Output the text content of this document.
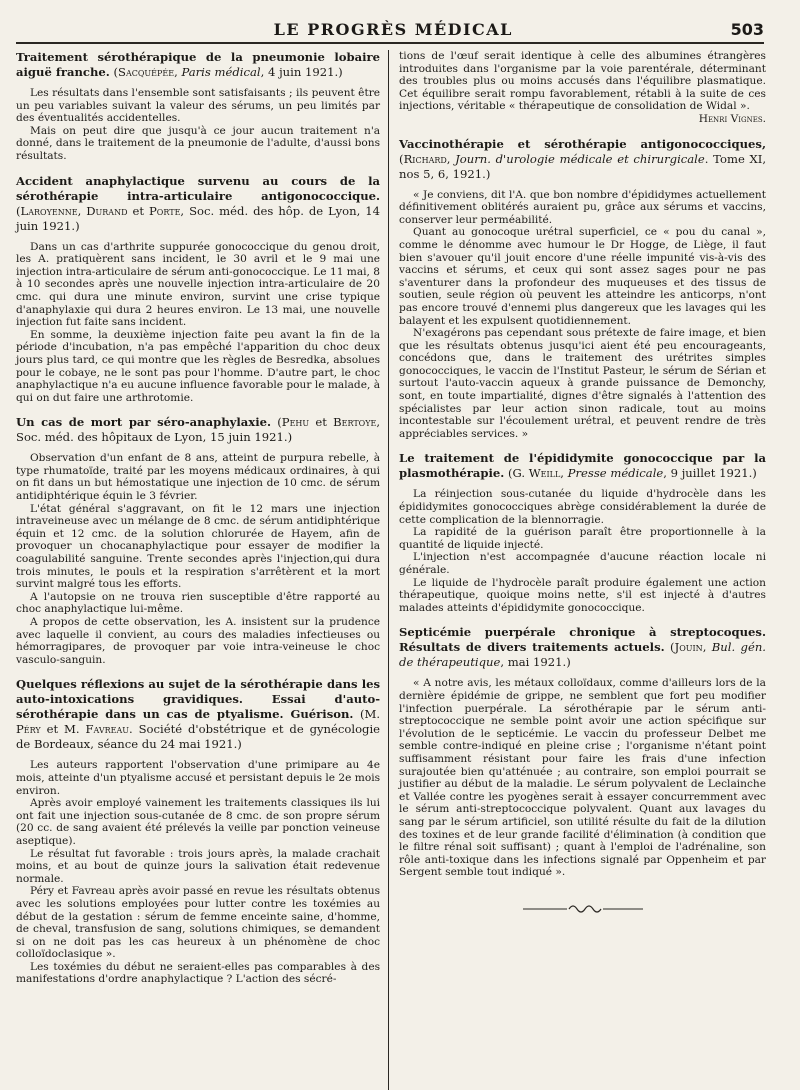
LE PROGRÈS MÉDICAL	503
Traitement sérothérapique de la pneumonie lobaire aiguë franche. (Sacquépée, Paris médical, 4 juin 1921.)

Les résultats dans l'ensemble sont satisfaisants ; ils peuvent être un peu variables suivant la valeur des sérums, un peu limités par des éventualités accidentelles.

Mais on peut dire que jusqu'à ce jour aucun traitement n'a donné, dans le traitement de la pneumonie de l'adulte, d'aussi bons résultats.

Accident anaphylactique survenu au cours de la sérothérapie intra-articulaire antigonococcique. (Laroyenne, Durand et Porte, Soc. méd. des hôp. de Lyon, 14 juin 1921.)

Dans un cas d'arthrite suppurée gonococcique du genou droit, les A. pratiquèrent sans incident, le 30 avril et le 9 mai une injection intra-articulaire de sérum anti-gonococcique. Le 11 mai, 8 à 10 secondes après une nouvelle injection intra-articulaire de 20 cmc. qui dura une minute environ, survint une crise typique d'anaphylaxie qui dura 2 heures environ. Le 13 mai, une nouvelle injection fut faite sans incident.

En somme, la deuxième injection faite peu avant la fin de la période d'incubation, n'a pas empêché l'apparition du choc deux jours plus tard, ce qui montre que les règles de Besredka, absolues pour le cobaye, ne le sont pas pour l'homme. D'autre part, le choc anaphylactique n'a eu aucune influence favorable pour le malade, à qui on dut faire une arthrotomie.

Un cas de mort par séro-anaphylaxie. (Pehu et Bertoye, Soc. méd. des hôpitaux de Lyon, 15 juin 1921.)

Observation d'un enfant de 8 ans, atteint de purpura rebelle, à type rhumatoïde, traité par les moyens médicaux ordinaires, à qui on fit dans un but hémostatique une injection de 10 cmc. de sérum antidiphtérique équin le 3 février.

L'état général s'aggravant, on fit le 12 mars une injection intraveineuse avec un mélange de 8 cmc. de sérum antidiphtérique équin et 12 cmc. de la solution chlorurée de Hayem, afin de provoquer un chocanaphylactique pour essayer de modifier la coagulabilité sanguine. Trente secondes après l'injection,qui dura trois minutes, le pouls et la respiration s'arrêtèrent et la mort survint malgré tous les efforts.

A l'autopsie on ne trouva rien susceptible d'être rapporté au choc anaphylactique lui-même.

A propos de cette observation, les A. insistent sur la prudence avec laquelle il convient, au cours des maladies infectieuses ou hémorragipares, de provoquer par voie intra-veineuse le choc vasculo-sanguin.

Quelques réflexions au sujet de la sérothérapie dans les auto-intoxications gravidiques. Essai d'auto-sérothérapie dans un cas de ptyalisme. Guérison. (M. Péry et M. Favreau. Société d'obstétrique et de gynécologie de Bordeaux, séance du 24 mai 1921.)

Les auteurs rapportent l'observation d'une primipare au 4e mois, atteinte d'un ptyalisme accusé et persistant depuis le 2e mois environ.

Après avoir employé vainement les traitements classiques ils lui ont fait une injection sous-cutanée de 8 cmc. de son propre sérum (20 cc. de sang avaient été prélevés la veille par ponction veineuse aseptique).

Le résultat fut favorable : trois jours après, la malade crachait moins, et au bout de quinze jours la salivation était redevenue normale.

Péry et Favreau après avoir passé en revue les résultats obtenus avec les solutions employées pour lutter contre les toxémies au début de la gestation : sérum de femme enceinte saine, d'homme, de cheval, transfusion de sang, solutions chimiques, se demandent si on ne doit pas les cas heureux à un phénomène de choc colloïdoclasique ».

Les toxémies du début ne seraient-elles pas comparables à des manifestations d'ordre anaphylactique ? L'action des sécré-

tions de l'œuf serait identique à celle des albumines étrangères introduites dans l'organisme par la voie parentérale, déterminant des troubles plus ou moins accusés dans l'équilibre plasmatique. Cet équilibre serait rompu favorablement, rétabli à la suite de ces injections, véritable « thérapeutique de consolidation de Widal ».

Henri Vignes.

Vaccinothérapie et sérothérapie antigonococciques, (Richard, Journ. d'urologie médicale et chirurgicale. Tome XI, nos 5, 6, 1921.)

« Je conviens, dit l'A. que bon nombre d'épididymes actuellement définitivement oblitérés auraient pu, grâce aux sérums et vaccins, conserver leur perméabilité.

Quant au gonocoque urétral superficiel, ce « pou du canal », comme le dénomme avec humour le Dr Hogge, de Liège, il faut bien s'avouer qu'il jouit encore d'une réelle impunité vis-à-vis des vaccins et sérums, et ceux qui sont assez sages pour ne pas s'aventurer dans la profondeur des muqueuses et des tissus de soutien, seule région où peuvent les atteindre les anticorps, n'ont pas encore trouvé d'ennemi plus dangereux que les lavages qui les balayent et les expulsent quotidiennement.

N'exagérons pas cependant sous prétexte de faire image, et bien que les résultats obtenus jusqu'ici aient été peu encourageants, concédons que, dans le traitement des urétrites simples gonococciques, le vaccin de l'Institut Pasteur, le sérum de Sérian et surtout l'auto-vaccin aqueux à grande puissance de Demonchy, sont, en toute impartialité, dignes d'être signalés à l'attention des spécialistes par leur action sinon radicale, tout au moins incontestable sur l'écoulement urétral, et peuvent rendre de très appréciables services. »

Le traitement de l'épididymite gonococcique par la plasmothérapie. (G. Weill, Presse médicale, 9 juillet 1921.)

La réinjection sous-cutanée du liquide d'hydrocèle dans les épididymites gonococciques abrège considérablement la durée de cette complication de la blennorragie.

La rapidité de la guérison paraît être proportionnelle à la quantité de liquide injecté.

L'injection n'est accompagnée d'aucune réaction locale ni générale.

Le liquide de l'hydrocèle paraît produire également une action thérapeutique, quoique moins nette, s'il est injecté à d'autres malades atteints d'épididymite gonococcique.

Septicémie puerpérale chronique à streptocoques. Résultats de divers traitements actuels. (Jouin, Bul. gén. de thérapeutique, mai 1921.)

« A notre avis, les métaux colloïdaux, comme d'ailleurs lors de la dernière épidémie de grippe, ne semblent que fort peu modifier l'infection puerpérale. La sérothérapie par le sérum anti-streptococcique ne semble point avoir une action spécifique sur l'évolution de le septicémie. Le vaccin du professeur Delbet me semble contre-indiqué en pleine crise ; l'organisme n'étant point suffisamment résistant pour faire les frais d'une infection surajoutée bien qu'atténuée ; au contraire, son emploi pourrait se justifier au début de la maladie. Le sérum polyvalent de Leclainche et Vallée contre les pyogènes serait à essayer concurremment avec le sérum anti-streptococcique polyvalent. Quant aux lavages du sang par le sérum artificiel, son utilité résulte du fait de la dilution des toxines et de leur grande facilité d'élimination (à condition que le filtre rénal soit suffisant) ; quant à l'emploi de l'adrénaline, son rôle anti-toxique dans les infections signalé par Oppenheim et par Sergent semble tout indiqué ».
